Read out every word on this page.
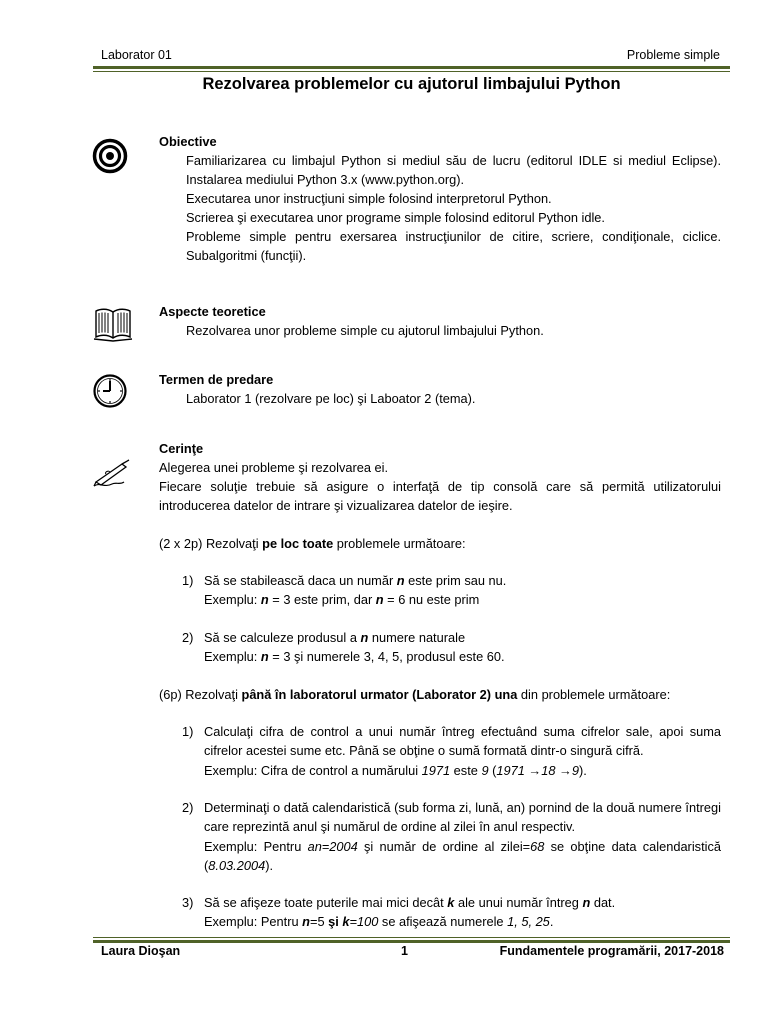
Laborator 01	Probleme simple
Rezolvarea problemelor cu ajutorul limbajului Python
Obiective
Familiarizarea cu limbajul Python si mediul său de lucru (editorul IDLE si mediul Eclipse). Instalarea mediului Python 3.x (www.python.org).
Executarea unor instrucţiuni simple folosind interpretorul Python.
Scrierea şi executarea unor programe simple folosind editorul Python idle.
Probleme simple pentru exersarea instrucţiunilor de citire, scriere, condiţionale, ciclice. Subalgoritmi (funcţii).
Aspecte teoretice
Rezolvarea unor probleme simple cu ajutorul limbajului Python.
Termen de predare
Laborator 1 (rezolvare pe loc) şi Laboator 2 (tema).
Cerinţe
Alegerea unei probleme şi rezolvarea ei.
Fiecare soluţie trebuie să asigure o interfaţă de tip consolă care să permită utilizatorului introducerea datelor de intrare şi vizualizarea datelor de ieşire.
(2 x 2p) Rezolvaţi pe loc toate problemele următoare:
1) Să se stabilească daca un număr n este prim sau nu.
Exemplu: n = 3 este prim, dar n = 6 nu este prim
2) Să se calculeze produsul a n numere naturale
Exemplu: n = 3 şi numerele 3, 4, 5, produsul este 60.
(6p) Rezolvaţi până în laboratorul urmator (Laborator 2) una din problemele următoare:
1) Calculaţi cifra de control a unui număr întreg efectuând suma cifrelor sale, apoi suma cifrelor acestei sume etc. Până se obţine o sumă formată dintr-o singură cifră.
Exemplu: Cifra de control a numărului 1971 este 9 (1971 →18 →9).
2) Determinaţi o dată calendaristică (sub forma zi, lună, an) pornind de la două numere întregi care reprezintă anul şi numărul de ordine al zilei în anul respectiv.
Exemplu: Pentru an=2004 şi număr de ordine al zilei=68 se obţine data calendaristică (8.03.2004).
3) Să se afişeze toate puterile mai mici decât k ale unui număr întreg n dat.
Exemplu: Pentru n=5 şi k=100 se afişează numerele 1, 5, 25.
Laura Dioşan	1	Fundamentele programării, 2017-2018
